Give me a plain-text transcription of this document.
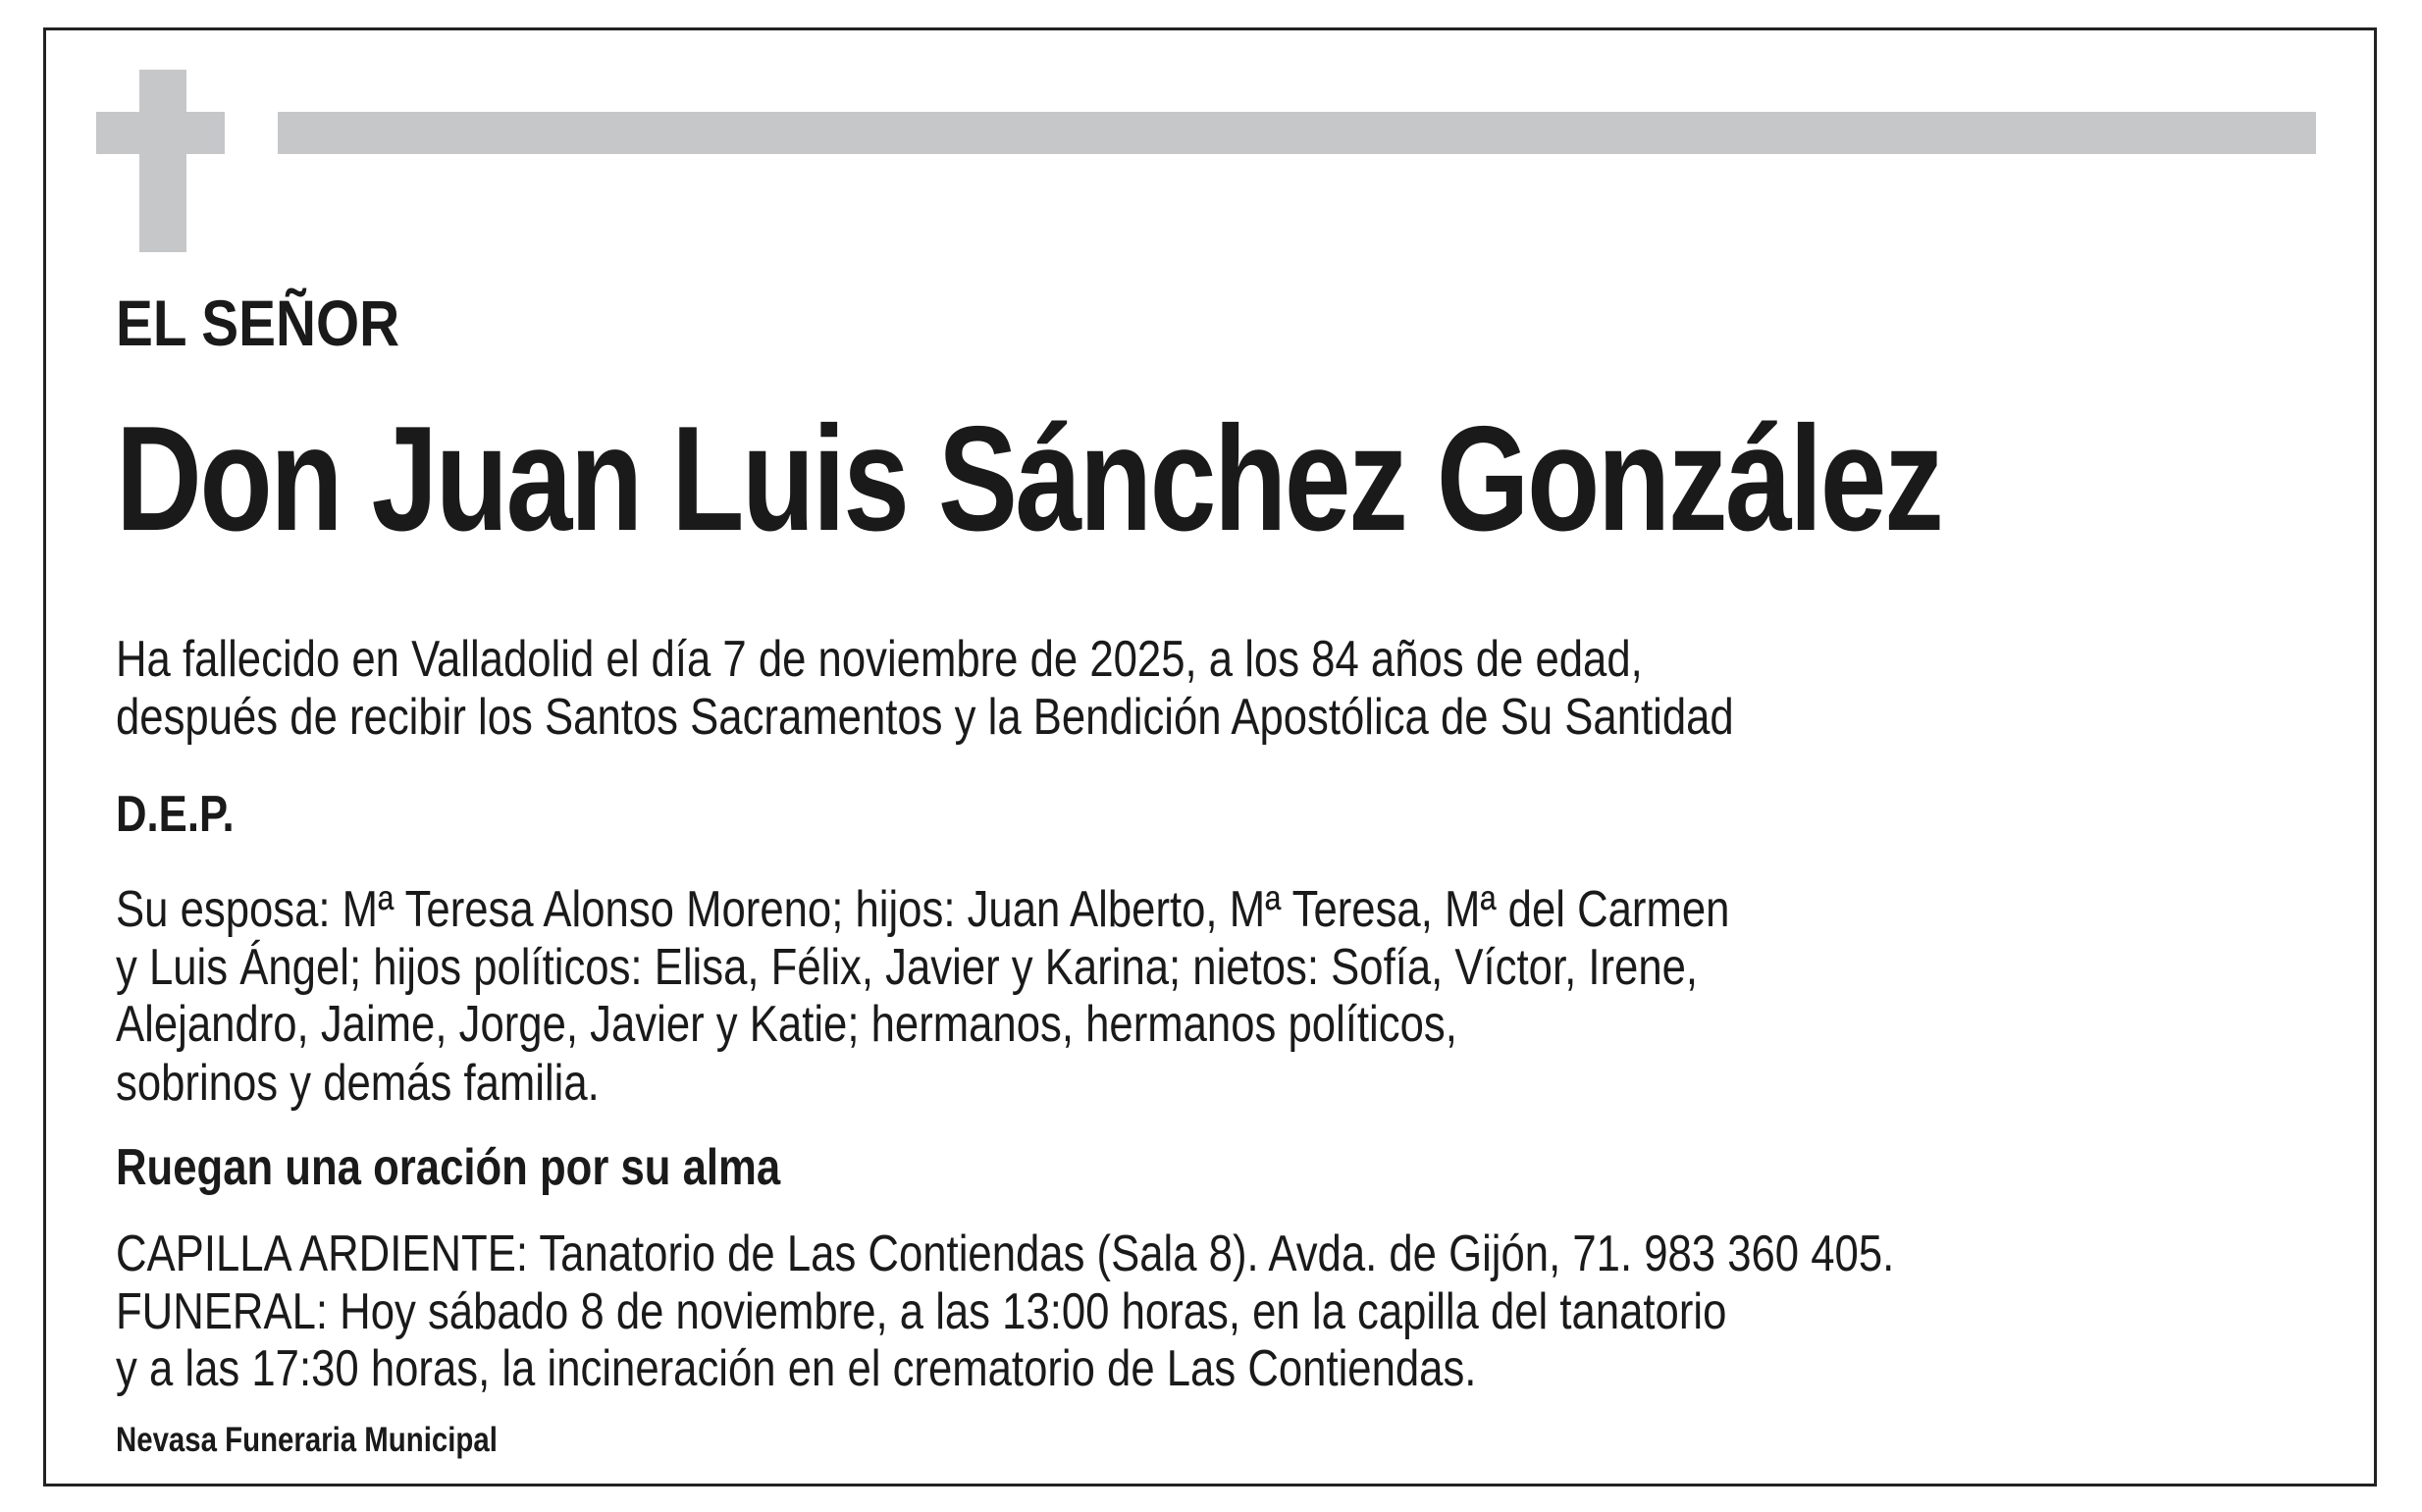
EL SEÑOR
Don Juan Luis Sánchez González
Ha fallecido en Valladolid el día 7 de noviembre de 2025, a los 84 años de edad,
después de recibir los Santos Sacramentos y la Bendición Apostólica de Su Santidad
D.E.P.
Su esposa: Mª Teresa Alonso Moreno; hijos: Juan Alberto, Mª Teresa, Mª del Carmen
y Luis Ángel; hijos políticos: Elisa, Félix, Javier y Karina; nietos: Sofía, Víctor, Irene,
Alejandro, Jaime, Jorge, Javier y Katie; hermanos, hermanos políticos,
sobrinos y demás familia.
Ruegan una oración por su alma
CAPILLA ARDIENTE: Tanatorio de Las Contiendas (Sala 8). Avda. de Gijón, 71. 983 360 405.
FUNERAL: Hoy sábado 8 de noviembre, a las 13:00 horas, en la capilla del tanatorio
y a las 17:30 horas, la incineración en el crematorio de Las Contiendas.
Nevasa Funeraria Municipal
